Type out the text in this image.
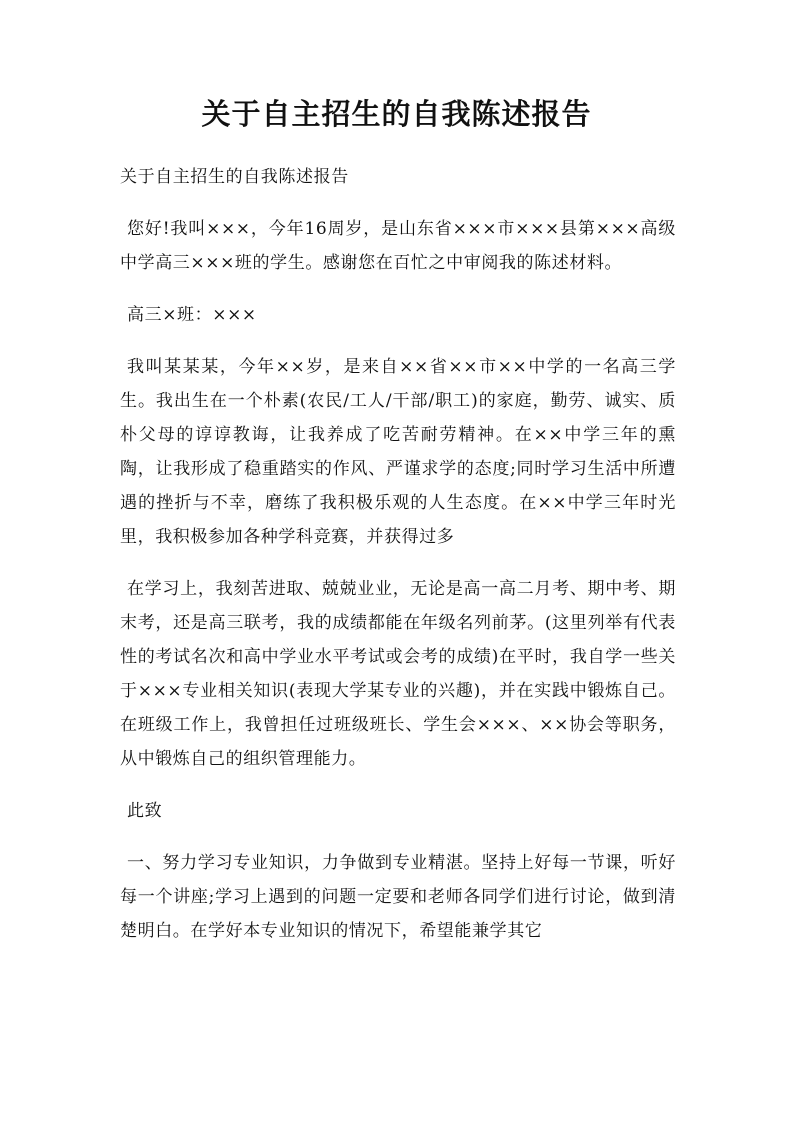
关于自主招生的自我陈述报告

关于自主招生的自我陈述报告

您好!我叫×××，今年16周岁，是山东省×××市×××县第×××高级中学高三×××班的学生。感谢您在百忙之中审阅我的陈述材料。

高三×班：×××

我叫某某某，今年××岁，是来自××省××市××中学的一名高三学生。我出生在一个朴素(农民/工人/干部/职工)的家庭，勤劳、诚实、质朴父母的谆谆教诲，让我养成了吃苦耐劳精神。在××中学三年的熏陶，让我形成了稳重踏实的作风、严谨求学的态度;同时学习生活中所遭遇的挫折与不幸，磨练了我积极乐观的人生态度。在××中学三年时光里，我积极参加各种学科竞赛，并获得过多

在学习上，我刻苦进取、兢兢业业，无论是高一高二月考、期中考、期末考，还是高三联考，我的成绩都能在年级名列前茅。(这里列举有代表性的考试名次和高中学业水平考试或会考的成绩)在平时，我自学一些关于×××专业相关知识(表现大学某专业的兴趣)，并在实践中锻炼自己。在班级工作上，我曾担任过班级班长、学生会×××、××协会等职务，从中锻炼自己的组织管理能力。

此致

一、努力学习专业知识，力争做到专业精湛。坚持上好每一节课，听好每一个讲座;学习上遇到的问题一定要和老师各同学们进行讨论，做到清楚明白。在学好本专业知识的情况下，希望能兼学其它
